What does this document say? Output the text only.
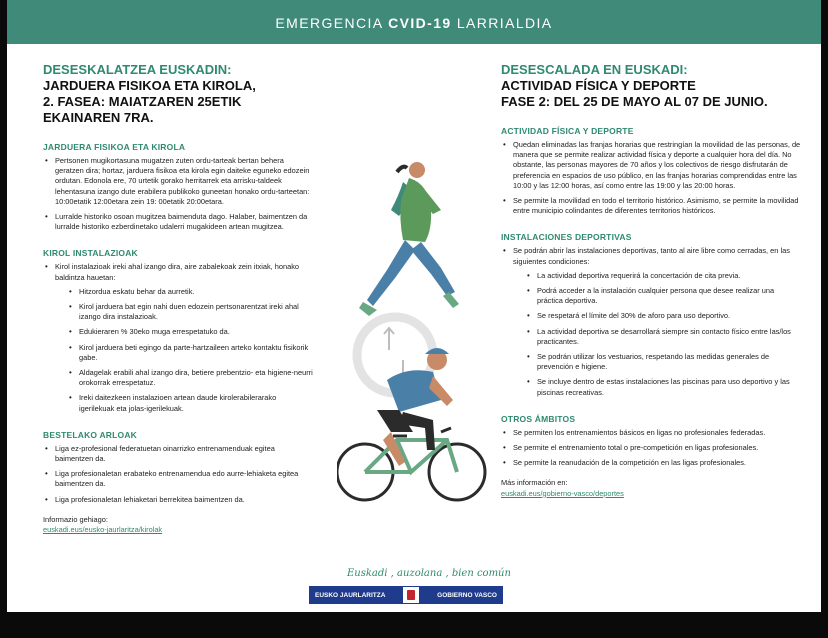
EMERGENCIA CVID-19 LARRIALDIA
DESESKALATZEA EUSKADIN:
JARDUERA FISIKOA ETA KIROLA,
2. FASEA: MAIATZAREN 25ETIK EKAINAREN 7RA.
JARDUERA FISIKOA ETA KIROLA
• Pertsonen mugikortasuna mugatzen zuten ordu-tarteak bertan behera geratzen dira; hortaz, jarduera fisikoa eta kirola egin daiteke eguneko edozein ordutan. Edonola ere, 70 urtetik gorako herritarrek eta arrisku-taldeek lehentasuna izango dute erabilera publikoko guneetan honako ordu-tarteetan: 10:00etatik 12:00etara zein 19: 00etatik 20:00etara.
• Lurralde historiko osoan mugitzea baimenduta dago. Halaber, baimentzen da lurralde historiko ezberdinetako udalerri mugakideen artean mugitzea.
KIROL INSTALAZIOAK
• Kirol instalazioak ireki ahal izango dira, aire zabalekoak zein itxiak, honako baldintza hauetan:
• Hitzordua eskatu behar da aurretik.
• Kirol jarduera bat egin nahi duen edozein pertsonarentzat ireki ahal izango dira instalazioak.
• Edukieraren % 30eko muga errespetatuko da.
• Kirol jarduera beti egingo da parte-hartzaileen arteko kontaktu fisikorik gabe.
• Aldagelak erabili ahal izango dira, betiere prebentzio- eta higiene-neurri orokorrak errespetatuz.
• Ireki daitezkeen instalazioen artean daude kirolerabilerarako igerilekuak eta jolas-igerilekuak.
BESTELAKO ARLOAK
• Liga ez-profesional federatuetan oinarrizko entrenamenduak egitea baimentzen da.
• Liga profesionaletan erabateko entrenamendua edo aurre-lehiaketa egitea baimentzen da.
• Liga profesionaletan lehiaketari berrekitea baimentzen da.
Informazio gehiago:
euskadi.eus/eusko-jaurlaritza/kirolak
DESESCALADA EN EUSKADI:
ACTIVIDAD FÍSICA Y DEPORTE
FASE 2: DEL 25 DE MAYO AL 07 DE JUNIO.
ACTIVIDAD FÍSICA Y DEPORTE
• Quedan eliminadas las franjas horarias que restringían la movilidad de las personas, de manera que se permite realizar actividad física y deporte a cualquier hora del día. No obstante, las personas mayores de 70 años y los colectivos de riesgo disfrutarán de preferencia en espacios de uso público, en las franjas horarias comprendidas entre las 10:00 y las 12:00 horas, así como entre las 19:00 y las 20:00 horas.
• Se permite la movilidad en todo el territorio histórico. Asimismo, se permite la movilidad entre municipio colindantes de diferentes territorios históricos.
INSTALACIONES DEPORTIVAS
• Se podrán abrir las instalaciones deportivas, tanto al aire libre como cerradas, en las siguientes condiciones:
• La actividad deportiva requerirá la concertación de cita previa.
• Podrá acceder a la instalación cualquier persona que desee realizar una práctica deportiva.
• Se respetará el límite del 30% de aforo para uso deportivo.
• La actividad deportiva se desarrollará siempre sin contacto físico entre las/los practicantes.
• Se podrán utilizar los vestuarios, respetando las medidas generales de prevención e higiene.
• Se incluye dentro de estas instalaciones las piscinas para uso deportivo y las piscinas recreativas.
OTROS ÁMBITOS
• Se permiten los entrenamientos básicos en ligas no profesionales federadas.
• Se permite el entrenamiento total o pre-competición en ligas profesionales.
• Se permite la reanudación de la competición en las ligas profesionales.
Más información en:
euskadi.eus/gobierno-vasco/deportes
Euskadi , auzolana , bien común
EUSKO JAURLARITZA	GOBIERNO VASCO
